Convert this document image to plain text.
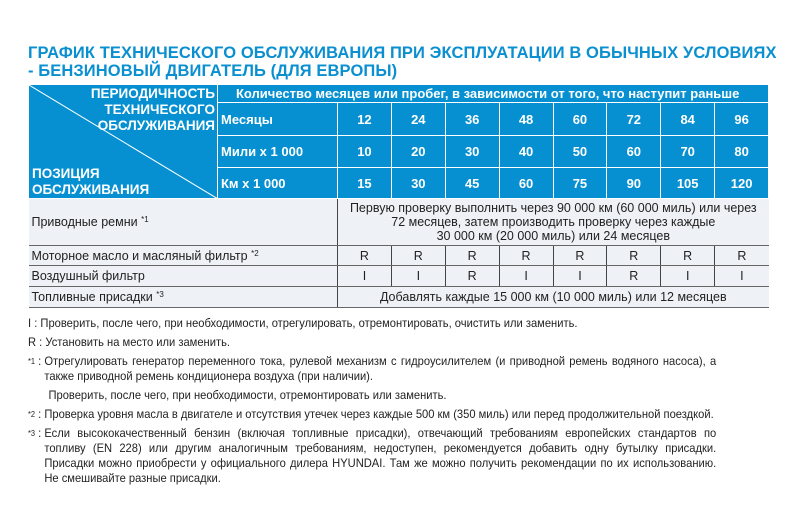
ГРАФИК ТЕХНИЧЕСКОГО ОБСЛУЖИВАНИЯ ПРИ ЭКСПЛУАТАЦИИ В ОБЫЧНЫХ УСЛОВИЯХ
- БЕНЗИНОВЫЙ ДВИГАТЕЛЬ (ДЛЯ ЕВРОПЫ)
ПЕРИОДИЧНОСТЬ
ТЕХНИЧЕСКОГО
ОБСЛУЖИВАНИЯ
ПОЗИЦИЯ
ОБСЛУЖИВАНИЯ	Количество месяцев или пробег, в зависимости от того, что наступит раньше								
	Месяцы	12	24	36	48	60	72	84	96
	Мили х 1 000	10	20	30	40	50	60	70	80
	Км х 1 000	15	30	45	60	75	90	105	120
Приводные ремни $^{*1}$		Первую проверку выполнить через 90 000 км (60 000 миль) или через
72 месяцев, затем производить проверку через каждые
30 000 км (20 000 миль) или 24 месяцев							

Моторное масло и масляный фильтр $^{*2}$		R	R	R	R	R	R	R	R
Воздушный фильтр		I	I	R	I	I	R	I	I
Топливные присадки $^{*3}$		Добавлять каждые 15 000 км (10 000 миль) или 12 месяцев							

I : Проверить, после чего, при необходимости, отрегулировать, отремонтировать, очистить или заменить.

R : Установить на место или заменить.

*1 : Отрегулировать генератор переменного тока, рулевой механизм с гидроусилителем (и приводной ремень водяного насоса), а также приводной ремень кондиционера воздуха (при наличии).

Проверить, после чего, при необходимости, отремонтировать или заменить.

*2 : Проверка уровня масла в двигателе и отсутствия утечек через каждые 500 км (350 миль) или перед продолжительной поездкой.

*3 : Если высококачественный бензин (включая топливные присадки), отвечающий требованиям европейских стандартов по топливу (EN 228) или другим аналогичным требованиям, недоступен, рекомендуется добавить одну бутылку присадки. Присадки можно приобрести у официального дилера HYUNDAI. Там же можно получить рекомендации по их использованию. Не смешивайте разные присадки.
